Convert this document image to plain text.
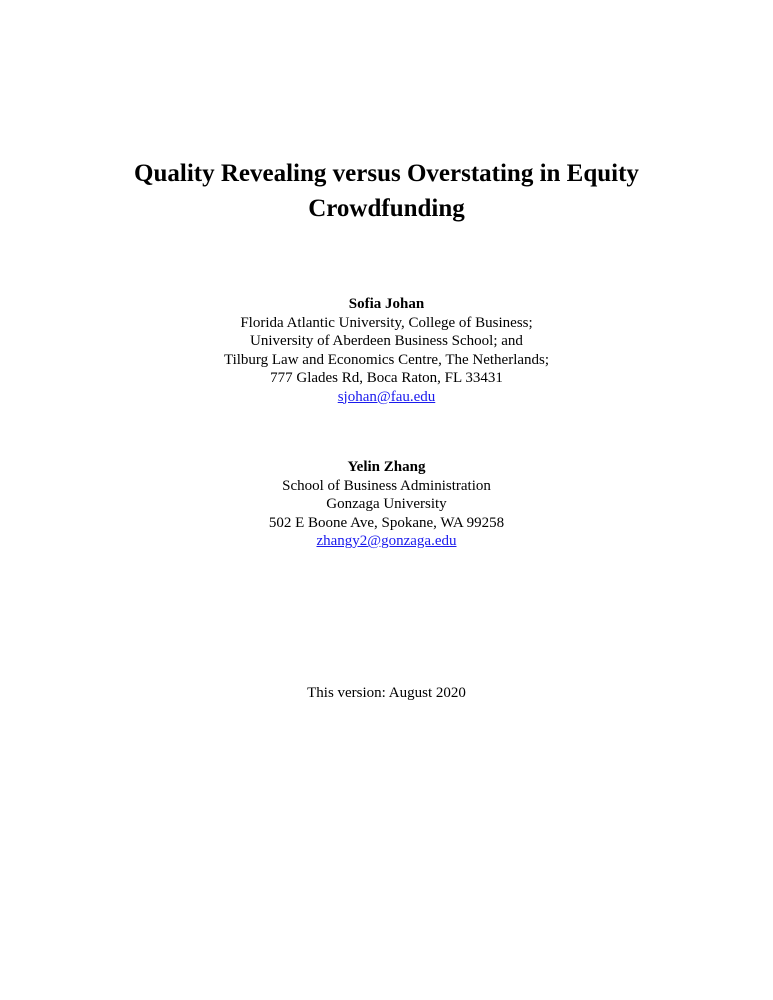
Quality Revealing versus Overstating in Equity
Crowdfunding
Sofia Johan
Florida Atlantic University, College of Business;
University of Aberdeen Business School; and
Tilburg Law and Economics Centre, The Netherlands;
777 Glades Rd, Boca Raton, FL 33431
sjohan@fau.edu
Yelin Zhang
School of Business Administration
Gonzaga University
502 E Boone Ave, Spokane, WA 99258
zhangy2@gonzaga.edu
This version: August 2020
